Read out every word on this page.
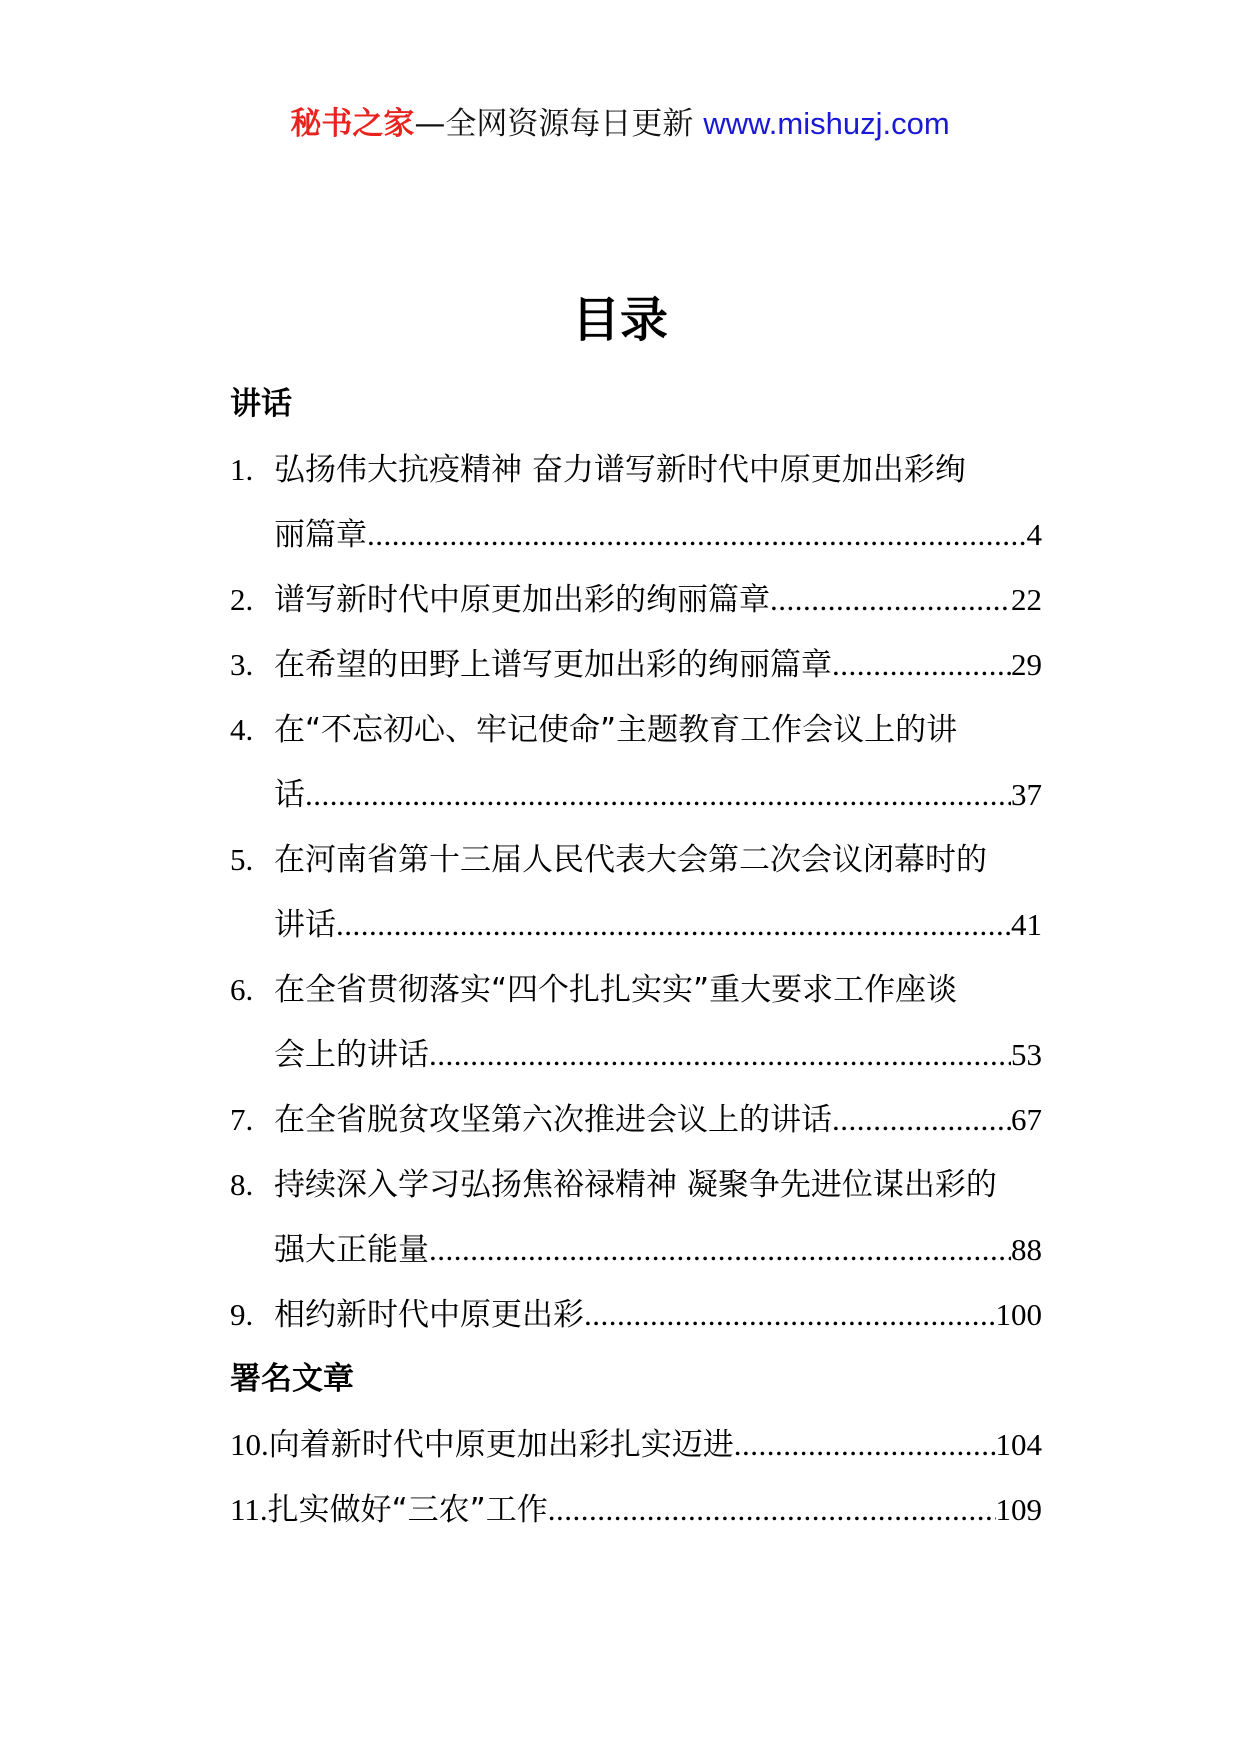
秘书之家—全网资源每日更新 www.mishuzj.com
目录
讲话
1. 弘扬伟大抗疫精神 奋力谱写新时代中原更加出彩绚
丽篇章 .....	4
2. 谱写新时代中原更加出彩的绚丽篇章 .....	22
3. 在希望的田野上谱写更加出彩的绚丽篇章 .....	29
4. 在“不忘初心、牢记使命”主题教育工作会议上的讲
话 .....	37
5. 在河南省第十三届人民代表大会第二次会议闭幕时的
讲话 .....	41
6. 在全省贯彻落实“四个扎扎实实”重大要求工作座谈
会上的讲话 .....	53
7. 在全省脱贫攻坚第六次推进会议上的讲话 .....	67
8. 持续深入学习弘扬焦裕禄精神 凝聚争先进位谋出彩的
强大正能量 .....	88
9. 相约新时代中原更出彩 .....	100
署名文章
10. 向着新时代中原更加出彩扎实迈进 .....	104
11. 扎实做好“三农”工作 .....	109
